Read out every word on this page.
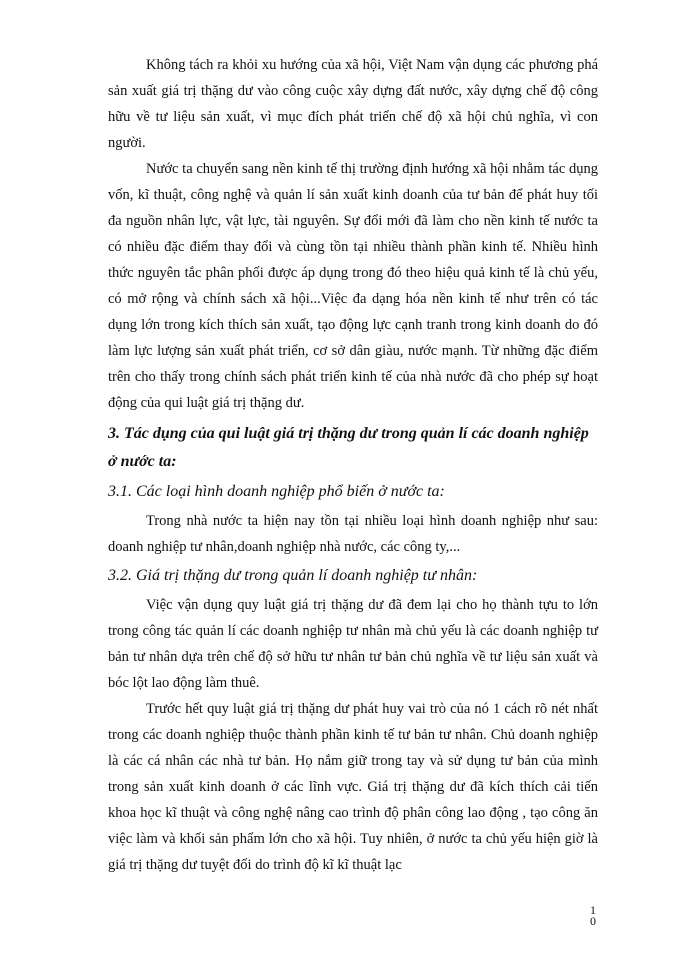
Không tách ra khỏi xu hướng của xã hội, Việt Nam vận dụng các phương phá sản xuất giá trị thặng dư vào công cuộc xây dựng đất nước, xây dựng chế độ công hữu về tư liệu sản xuất, vì mục đích phát triển chế độ xã hội chủ nghĩa, vì con người.

Nước ta chuyển sang nền kinh tế thị trường định hướng xã hội nhằm tác dụng vốn, kĩ thuật, công nghệ và quản lí sản xuất kinh doanh của tư bản để phát huy tối đa nguồn nhân lực, vật lực, tài nguyên. Sự đổi mới đã làm cho nền kinh tế nước ta có nhiều đặc điểm thay đổi và cùng tồn tại nhiều thành phần kinh tế. Nhiều hình thức nguyên tắc phân phối được áp dụng trong đó theo hiệu quả kinh tế là chủ yếu, có mở rộng và chính sách xã hội...Việc đa dạng hóa nền kinh tế như trên có tác dụng lớn trong kích thích sản xuất, tạo động lực cạnh tranh trong kinh doanh do đó làm lực lượng sản xuất phát triển, cơ sở dân giàu, nước mạnh. Từ những đặc điểm trên cho thấy trong chính sách phát triển kinh tế của nhà nước đã cho phép sự hoạt động của qui luật giá trị thặng dư.

3. Tác dụng của qui luật giá trị thặng dư trong quản lí các doanh nghiệp ở nước ta:
3.1. Các loại hình doanh nghiệp phổ biến ở nước ta:

Trong nhà nước ta hiện nay tồn tại nhiều loại hình doanh nghiệp như sau: doanh nghiệp tư nhân,doanh nghiệp nhà nước, các công ty,...

3.2. Giá trị thặng dư trong quản lí doanh nghiệp tư nhân:

Việc vận dụng quy luật giá trị thặng dư đã đem lại cho họ thành tựu to lớn trong công tác quản lí các doanh nghiệp tư nhân mà chủ yếu là các doanh nghiệp tư bản tư nhân dựa trên chế độ sở hữu tư nhân tư bản chủ nghĩa về tư liệu sản xuất và bóc lột lao động làm thuê.

Trước hết quy luật giá trị thặng dư phát huy vai trò của nó 1 cách rõ nét nhất trong các doanh nghiệp thuộc thành phần kinh tế tư bản tư nhân. Chủ doanh nghiệp là các cá nhân các nhà tư bản. Họ nắm giữ trong tay và sử dụng tư bản của mình trong sản xuất kinh doanh ở các lĩnh vực. Giá trị thặng dư đã kích thích cải tiến khoa học kĩ thuật và công nghệ nâng cao trình độ phân công lao động , tạo công ăn việc làm và khối sản phẩm lớn cho xã hội. Tuy nhiên, ở nước ta chủ yếu hiện giờ là giá trị thặng dư tuyệt đối do trình độ kĩ kĩ thuật lạc

1
0
